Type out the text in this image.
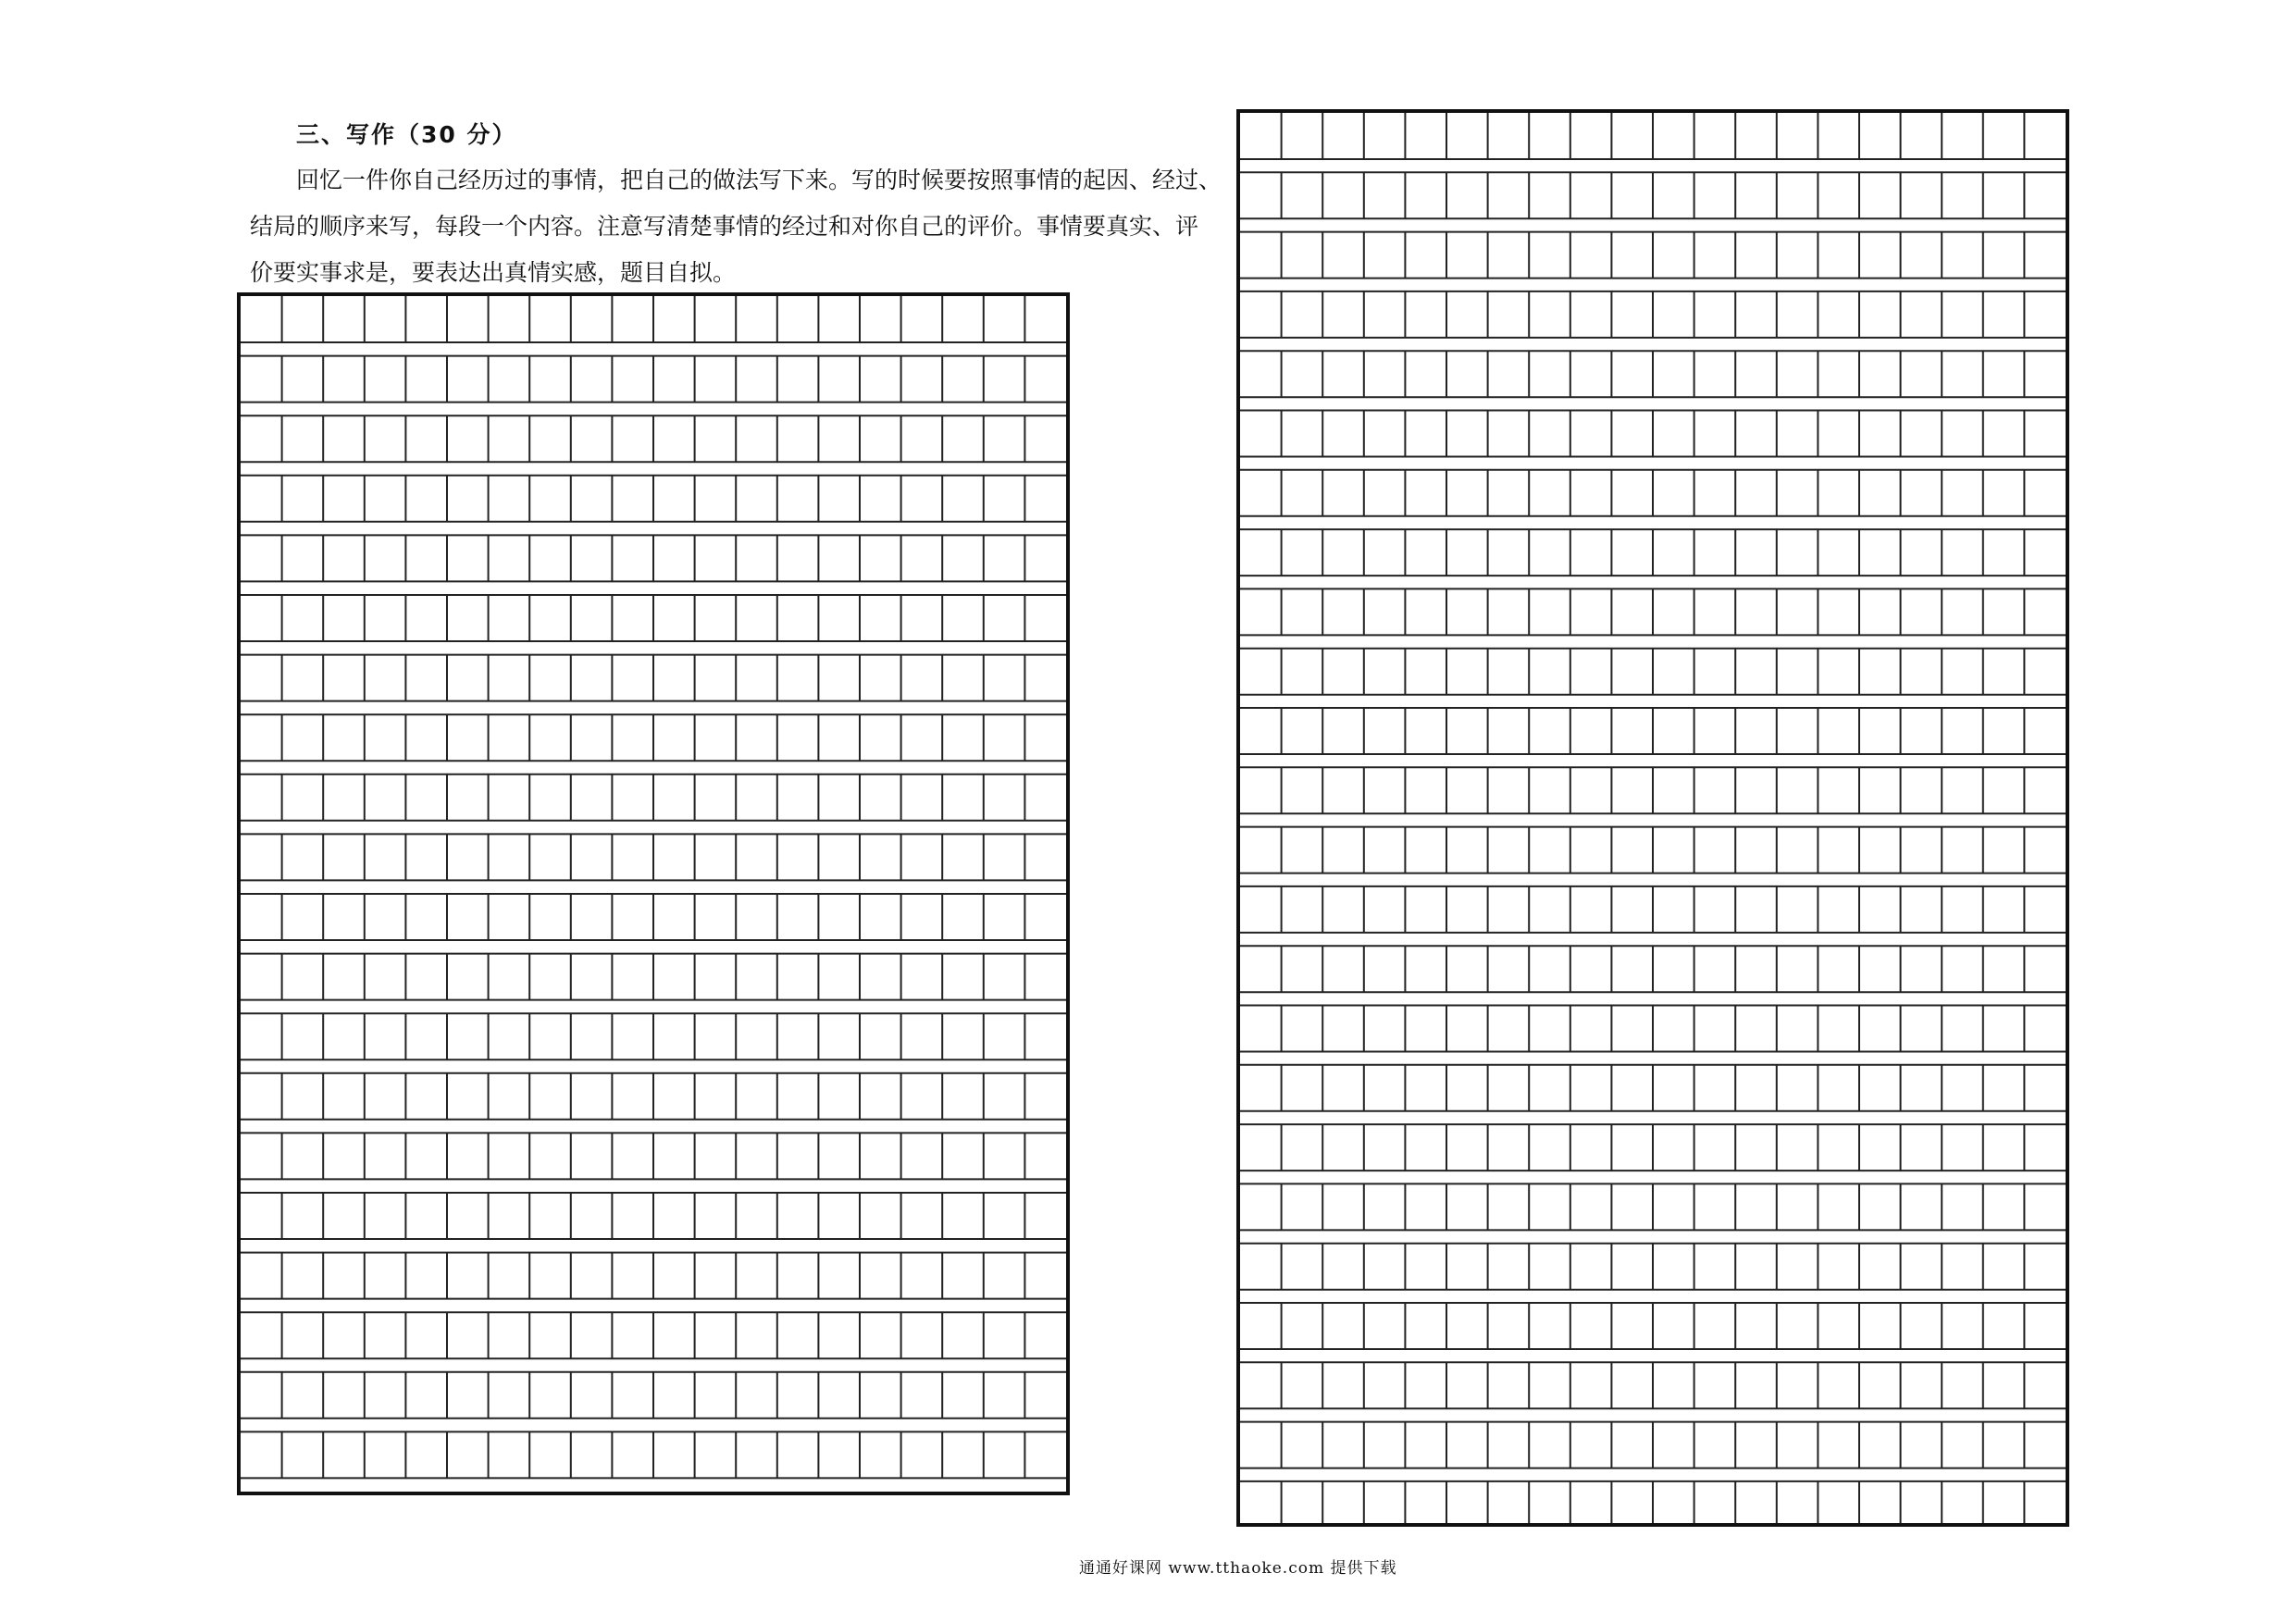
三、写作（30 分）
回忆一件你自己经历过的事情，把自己的做法写下来。写的时候要按照事情的起因、经过、
结局的顺序来写，每段一个内容。注意写清楚事情的经过和对你自己的评价。事情要真实、评
价要实事求是，要表达出真情实感，题目自拟。
通通好课网 www.tthaoke.com 提供下载
